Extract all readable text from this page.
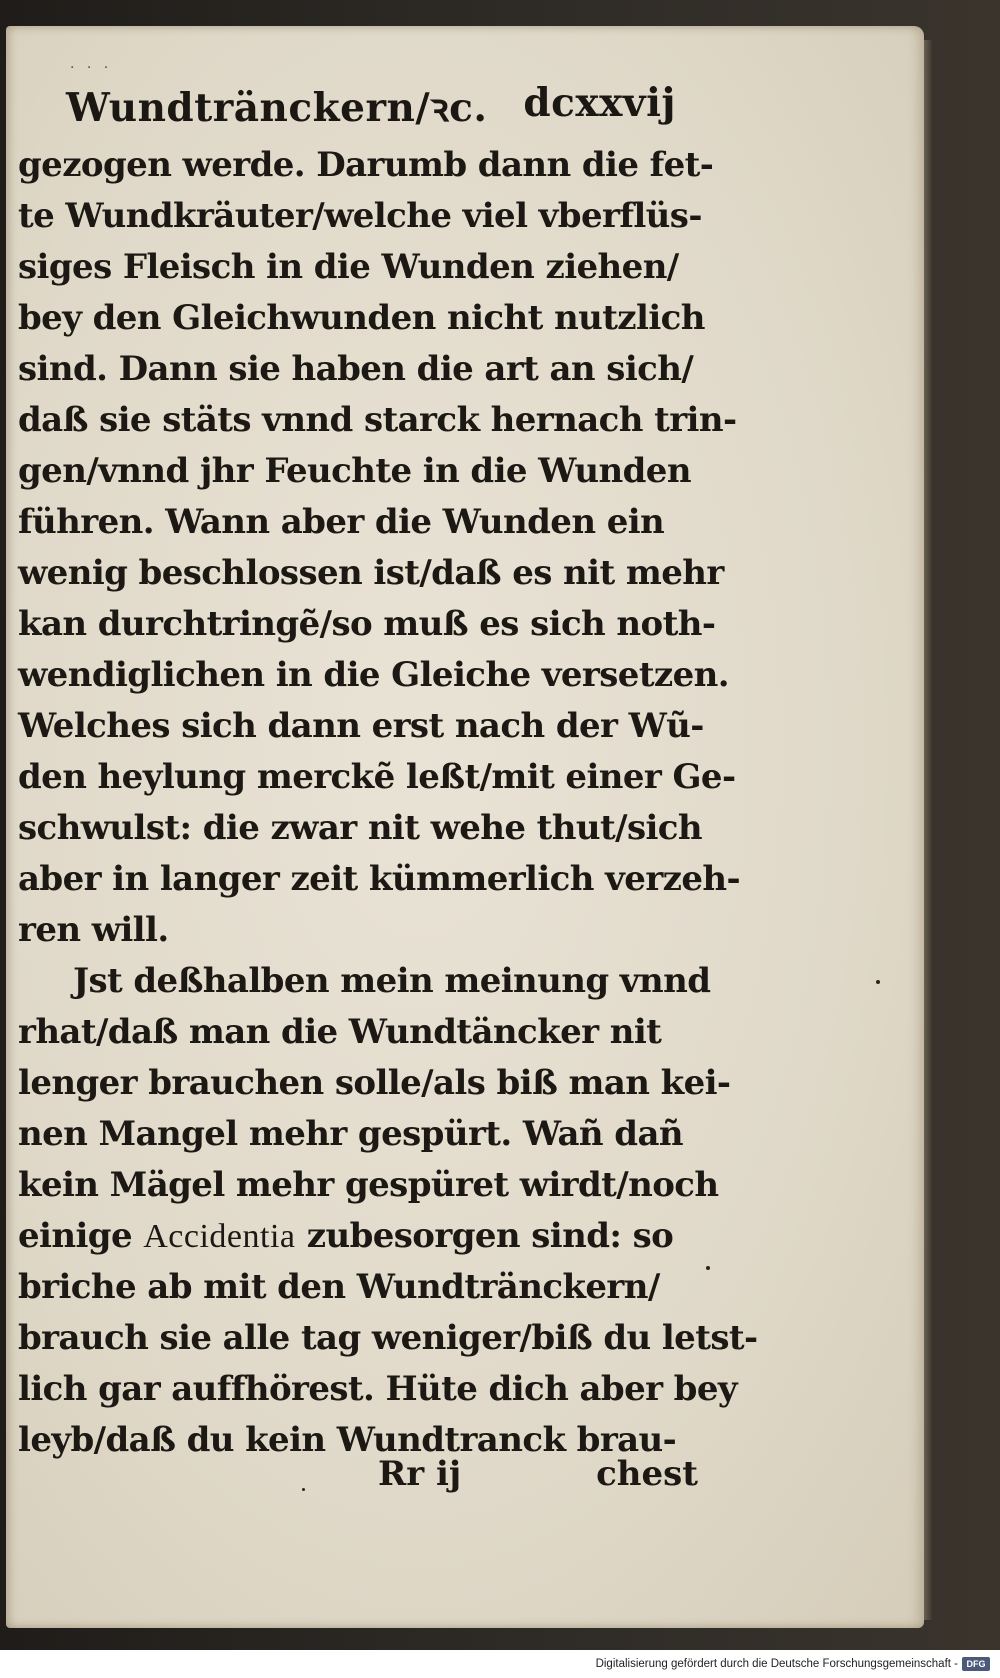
· · ·
Wundtränckern/ꝛc. dcxxvij
gezogen werde. Darumb dann die fet-
te Wundkräuter/welche viel vberflüs-
siges Fleisch in die Wunden ziehen/
bey den Gleichwunden nicht nutzlich
sind. Dann sie haben die art an sich/
daß sie stäts vnnd starck hernach trin-
gen/vnnd jhr Feuchte in die Wunden
führen. Wann aber die Wunden ein
wenig beschlossen ist/daß es nit mehr
kan durchtringẽ/so muß es sich noth-
wendiglichen in die Gleiche versetzen.
Welches sich dann erst nach der Wũ-
den heylung merckẽ leßt/mit einer Ge-
schwulst: die zwar nit wehe thut/sich
aber in langer zeit kümmerlich verzeh-
ren will.
Jst deßhalben mein meinung vnnd
rhat/daß man die Wundtäncker nit
lenger brauchen solle/als biß man kei-
nen Mangel mehr gespürt. Wañ dañ
kein Mägel mehr gespüret wirdt/noch
einige Accidentia zubesorgen sind: so
briche ab mit den Wundtränckern/
brauch sie alle tag weniger/biß du letst-
lich gar auffhörest. Hüte dich aber bey
leyb/daß du kein Wundtranck brau-
Rr ij	chest
Digitalisierung gefördert durch die Deutsche Forschungsgemeinschaft - DFG
